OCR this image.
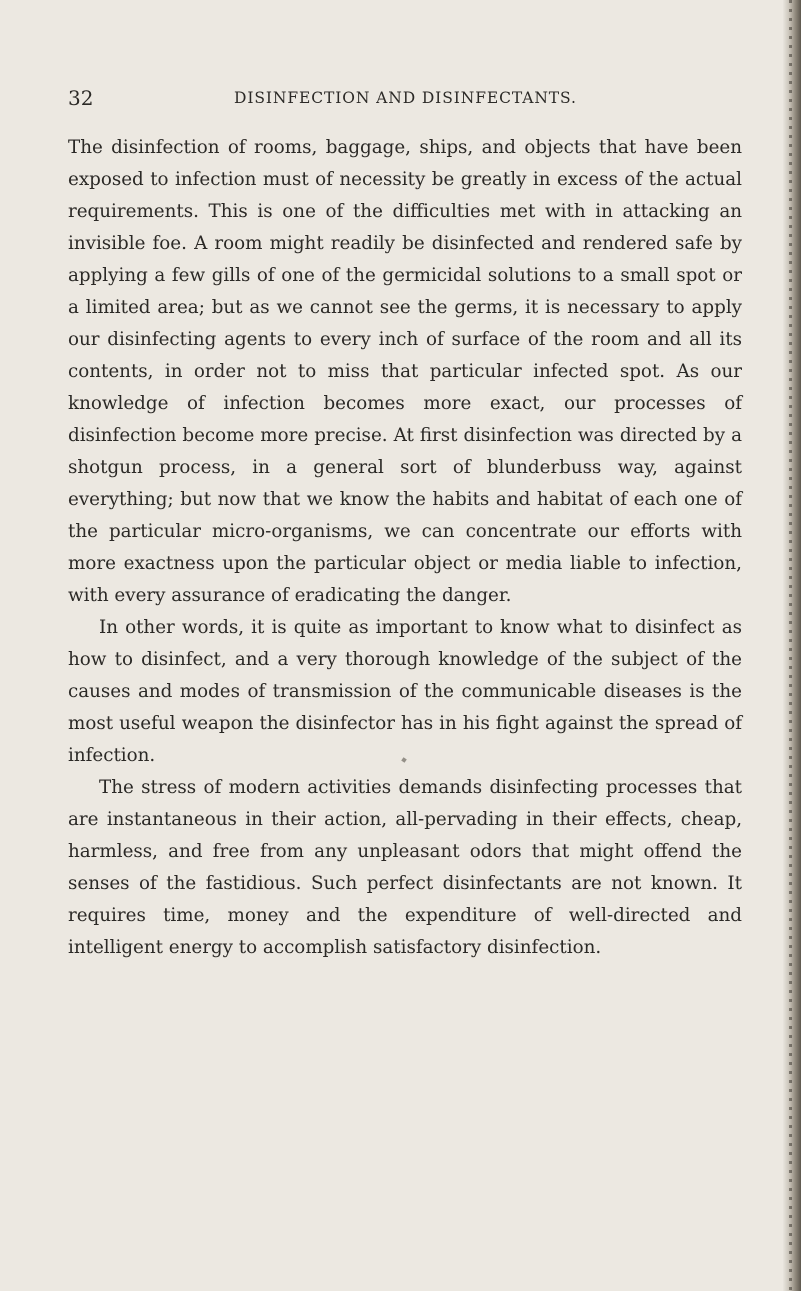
32	DISINFECTION AND DISINFECTANTS.

The disinfection of rooms, baggage, ships, and objects that have been exposed to infection must of necessity be greatly in excess of the actual requirements. This is one of the difficulties met with in attacking an invisible foe. A room might readily be disinfected and rendered safe by applying a few gills of one of the germicidal solutions to a small spot or a limited area; but as we cannot see the germs, it is necessary to apply our disinfecting agents to every inch of surface of the room and all its contents, in order not to miss that particular infected spot. As our knowledge of infection becomes more exact, our processes of disinfection become more precise. At first disinfection was directed by a shotgun process, in a general sort of blunderbuss way, against everything; but now that we know the habits and habitat of each one of the particular micro-organisms, we can concentrate our efforts with more exactness upon the particular object or media liable to infection, with every assurance of eradicating the danger.

In other words, it is quite as important to know what to disinfect as how to disinfect, and a very thorough knowledge of the subject of the causes and modes of transmission of the communicable diseases is the most useful weapon the disinfector has in his fight against the spread of infection.

The stress of modern activities demands disinfecting processes that are instantaneous in their action, all-pervading in their effects, cheap, harmless, and free from any unpleasant odors that might offend the senses of the fastidious. Such perfect disinfectants are not known. It requires time, money and the expenditure of well-directed and intelligent energy to accomplish satisfactory disinfection.
